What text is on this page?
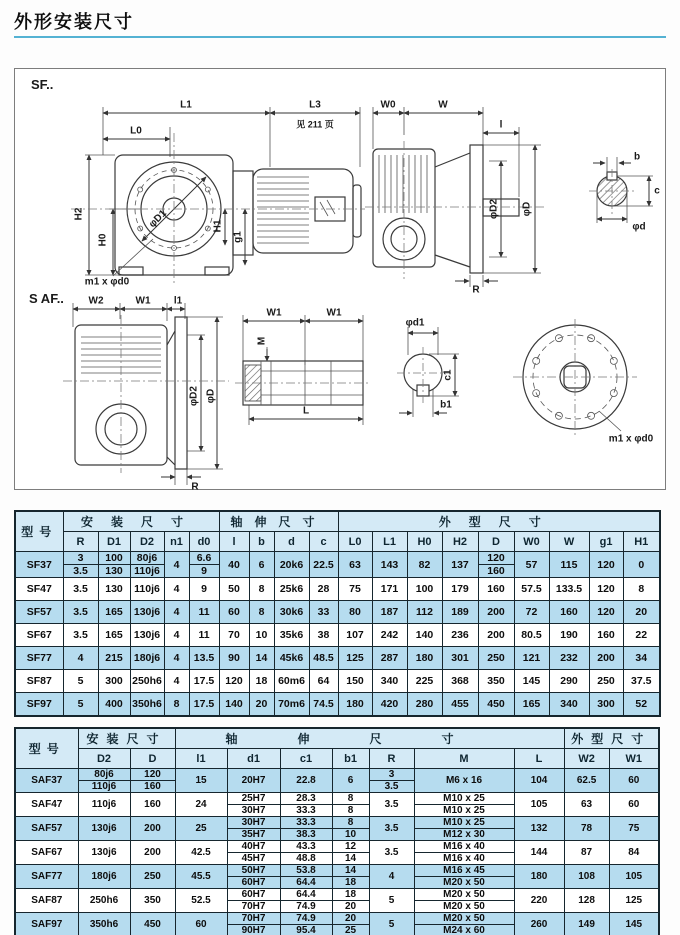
外形安装尺寸
SF..
S AF..
L1	L3
见 211 页
L0
H2
H0
φD1	H1
g1
m1 x φd0
W0	W
l
φD2 φD
R
b
c
φd
W2	W1 l1
φD2 φD
R
W1	W1
M
L
φd1
c1
b1
m1 x φd0
型号	安装尺寸					轴伸尺寸				外型尺寸								
	R	D1	D2	n1	d0	l	b	d	c	L0	L1	H0	H2	D	W0	W	g1	H1
SF37	3	100	80j6	4	6.6	40	6	20k6	22.5	63	143	82	137	120	57	115	120	0
	3.5	130	110j6		9									160				
SF47	3.5	130	110j6	4	9	50	8	25k6	28	75	171	100	179	160	57.5	133.5	120	8
SF57	3.5	165	130j6	4	11	60	8	30k6	33	80	187	112	189	200	72	160	120	20
SF67	3.5	165	130j6	4	11	70	10	35k6	38	107	242	140	236	200	80.5	190	160	22
SF77	4	215	180j6	4	13.5	90	14	45k6	48.5	125	287	180	301	250	121	232	200	34
SF87	5	300	250h6	4	17.5	120	18	60m6	64	150	340	225	368	350	145	290	250	37.5
SF97	5	400	350h6	8	17.5	140	20	70m6	74.5	180	420	280	455	450	165	340	300	52
型号	安装尺寸		轴伸尺寸							外型尺寸	
	D2	D	l1	d1	c1	b1	R	M	L	W2	W1
SAF37	80j6	120	15	20H7	22.8	6	3	M6 x 16	104	62.5	60
	110j6	160					3.5				
SAF47	110j6	160	24	25H7	28.3	8	3.5	M10 x 25	105	63	60
				30H7	33.3	8		M10 x 25			
SAF57	130j6	200	25	30H7	33.3	8	3.5	M10 x 25	132	78	75
				35H7	38.3	10		M12 x 30			
SAF67	130j6	200	42.5	40H7	43.3	12	3.5	M16 x 40	144	87	84
				45H7	48.8	14		M16 x 40			
SAF77	180j6	250	45.5	50H7	53.8	14	4	M16 x 45	180	108	105
				60H7	64.4	18		M20 x 50			
SAF87	250h6	350	52.5	60H7	64.4	18	5	M20 x 50	220	128	125
				70H7	74.9	20		M20 x 50			
SAF97	350h6	450	60	70H7	74.9	20	5	M20 x 50	260	149	145
				90H7	95.4	25		M24 x 60			
